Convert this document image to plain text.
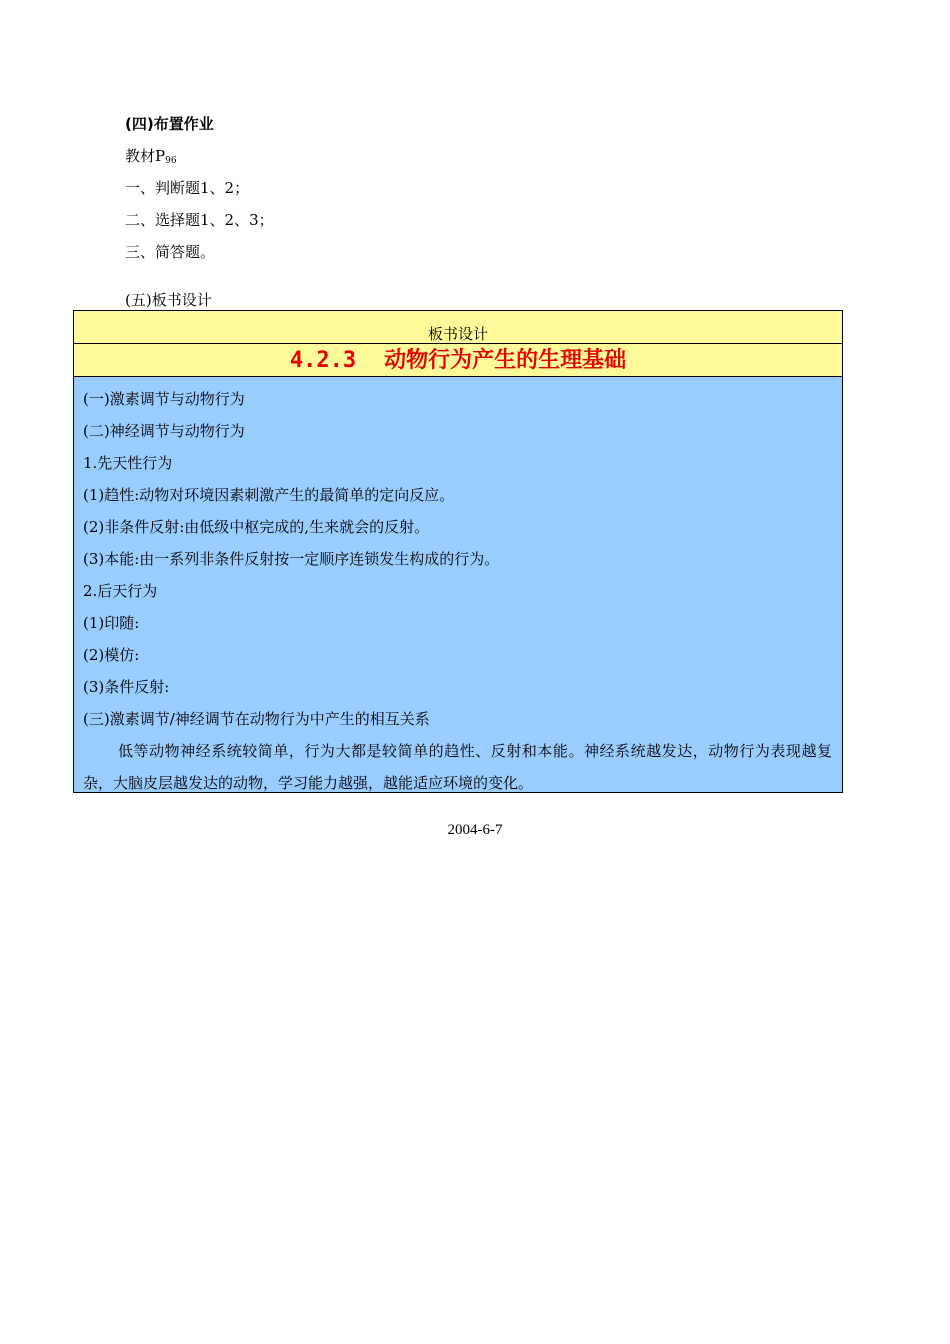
(四)布置作业
教材$P_{96}$
一、判断题1、2；
二、选择题1、2、3；
三、简答题。
(五)板书设计
板书设计
4.2.3 动物行为产生的生理基础
(一)激素调节与动物行为
(二)神经调节与动物行为
1.先天性行为
(1)趋性:动物对环境因素刺激产生的最简单的定向反应。
(2)非条件反射:由低级中枢完成的,生来就会的反射。
(3)本能:由一系列非条件反射按一定顺序连锁发生构成的行为。
2.后天行为
(1)印随:
(2)模仿:
(3)条件反射:
(三)激素调节/神经调节在动物行为中产生的相互关系
低等动物神经系统较简单，行为大都是较简单的趋性、反射和本能。神经系统越发达，动物行为表现越复杂，大脑皮层越发达的动物，学习能力越强，越能适应环境的变化。
2004-6-7
